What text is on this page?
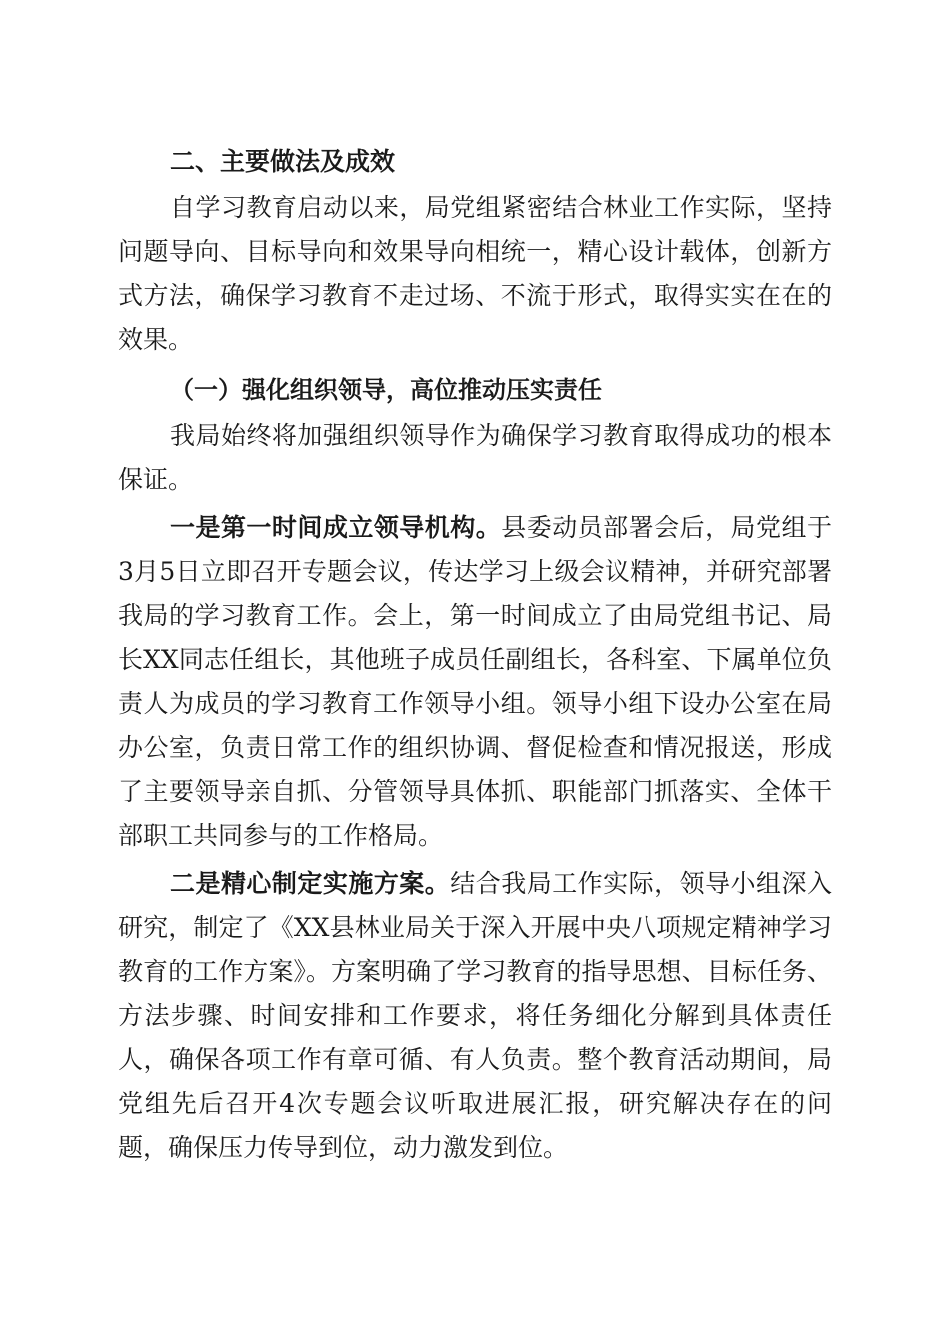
二、主要做法及成效

自学习教育启动以来，局党组紧密结合林业工作实际，坚持问题导向、目标导向和效果导向相统一，精心设计载体，创新方式方法，确保学习教育不走过场、不流于形式，取得实实在在的效果。

（一）强化组织领导，高位推动压实责任

我局始终将加强组织领导作为确保学习教育取得成功的根本保证。

一是第一时间成立领导机构。县委动员部署会后，局党组于3月5日立即召开专题会议，传达学习上级会议精神，并研究部署我局的学习教育工作。会上，第一时间成立了由局党组书记、局长XX同志任组长，其他班子成员任副组长，各科室、下属单位负责人为成员的学习教育工作领导小组。领导小组下设办公室在局办公室，负责日常工作的组织协调、督促检查和情况报送，形成了主要领导亲自抓、分管领导具体抓、职能部门抓落实、全体干部职工共同参与的工作格局。

二是精心制定实施方案。结合我局工作实际，领导小组深入研究，制定了《XX县林业局关于深入开展中央八项规定精神学习教育的工作方案》。方案明确了学习教育的指导思想、目标任务、方法步骤、时间安排和工作要求，将任务细化分解到具体责任人，确保各项工作有章可循、有人负责。整个教育活动期间，局党组先后召开4次专题会议听取进展汇报，研究解决存在的问题，确保压力传导到位，动力激发到位。
